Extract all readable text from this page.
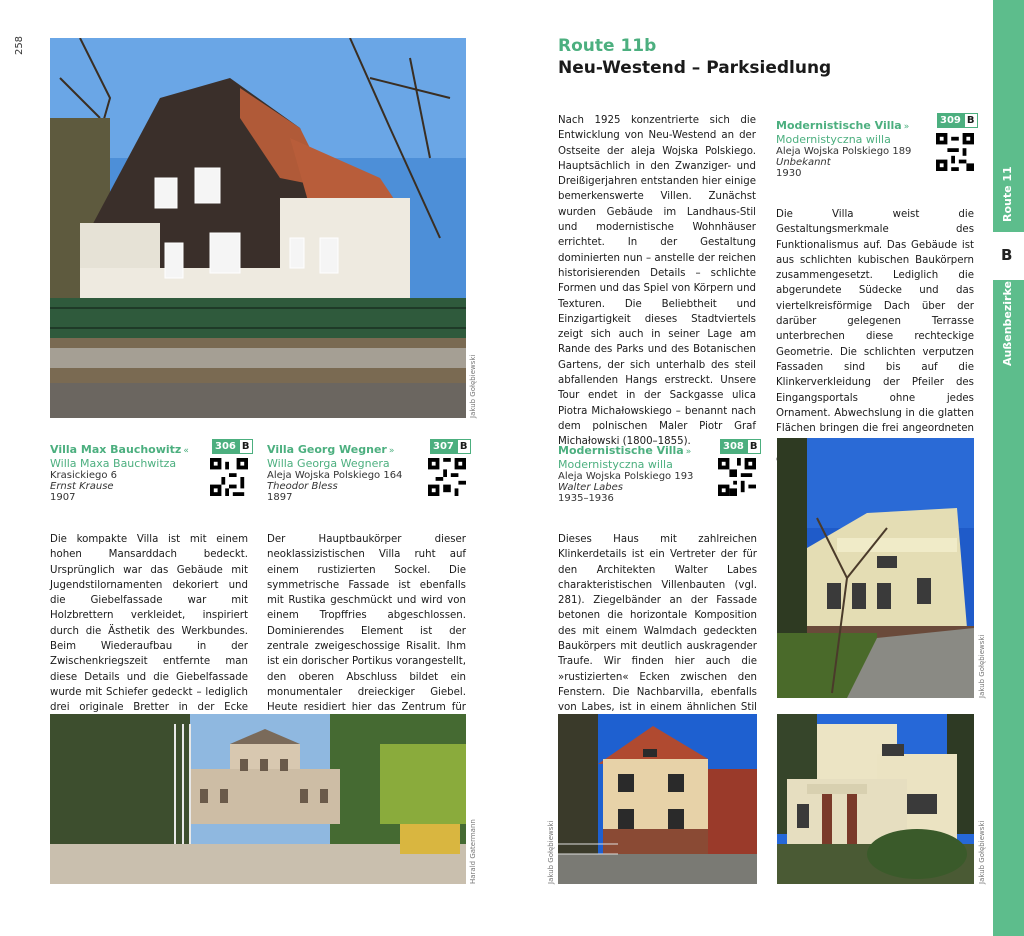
258
B
Route 11
Außenbezirke
Jakub Gołębiewski
Villa Max Bauchowitz «
Willa Maxa Bauchwitza
Krasickiego 6
Ernst Krause
1907
306 B
Die kompakte Villa ist mit einem hohen Mansarddach bedeckt. Ursprünglich war das Gebäude mit Jugendstilornamenten dekoriert und die Giebelfassade war mit Holzbrettern verkleidet, inspiriert durch die Ästhetik des Werkbundes. Beim Wiederaufbau in der Zwischenkriegszeit entfernte man diese Details und die Giebelfassade wurde mit Schiefer gedeckt – lediglich drei originale Bretter in der Ecke
Villa Georg Wegner »
Willa Georga Wegnera
Aleja Wojska Polskiego 164
Theodor Bless
1897
307 B
Der Hauptbaukörper dieser neoklassizistischen Villa ruht auf einem rustizierten Sockel. Die symmetrische Fassade ist ebenfalls mit Rustika geschmückt und wird von einem Tropffries abgeschlossen. Dominierendes Element ist der zentrale zweigeschossige Risalit. Ihm ist ein dorischer Portikus vorangestellt, den oberen Abschluss bildet ein monumentaler dreieckiger Giebel. Heute residiert hier das Zentrum für
Harald Gatermann
Route 11b
Neu-Westend – Parksiedlung
Nach 1925 konzentrierte sich die Entwicklung von Neu-Westend an der Ostseite der aleja Wojska Polskiego. Hauptsächlich in den Zwanziger- und Dreißigerjahren entstanden hier einige bemerkenswerte Villen. Zunächst wurden Gebäude im Landhaus-Stil und modernistische Wohnhäuser errichtet. In der Gestaltung dominierten nun – anstelle der reichen historisierenden Details – schlichte Formen und das Spiel von Körpern und Texturen. Die Beliebtheit und Einzigartigkeit dieses Stadtviertels zeigt sich auch in seiner Lage am Rande des Parks und des Botanischen Gartens, der sich unterhalb des steil abfallenden Hangs erstreckt. Unsere Tour endet in der Sackgasse ulica Piotra Michałowskiego – benannt nach dem polnischen Maler Piotr Graf Michałowski (1800–1855).
Modernistische Villa »
Modernistyczna willa
Aleja Wojska Polskiego 189
Unbekannt
1930
309 B
Die Villa weist die Gestaltungsmerkmale des Funktionalismus auf. Das Gebäude ist aus schlichten kubischen Baukörpern zusammengesetzt. Lediglich die abgerundete Südecke und das viertelkreisförmige Dach über der darüber gelegenen Terrasse unterbrechen diese rechteckige Geometrie. Die schlichten verputzen Fassaden sind bis auf die Klinkerverkleidung der Pfeiler des Eingangsportals ohne jedes Ornament. Abwechslung in die glatten Flächen bringen die frei angeordneten
Modernistische Villa »
Modernistyczna willa
Aleja Wojska Polskiego 193
Walter Labes
1935–1936
308 B
Dieses Haus mit zahlreichen Klinkerdetails ist ein Vertreter der für den Architekten Walter Labes charakteristischen Villenbauten (vgl. 281). Ziegelbänder an der Fassade betonen die horizontale Komposition des mit einem Walmdach gedeckten Baukörpers mit deutlich auskragender Traufe. Wir finden hier auch die »rustizierten« Ecken zwischen den Fenstern. Die Nachbarvilla, ebenfalls von Labes, ist in einem ähnlichen Stil
Jakub Gołębiewski
Jakub Gołębiewski	Jakub Gołębiewski
